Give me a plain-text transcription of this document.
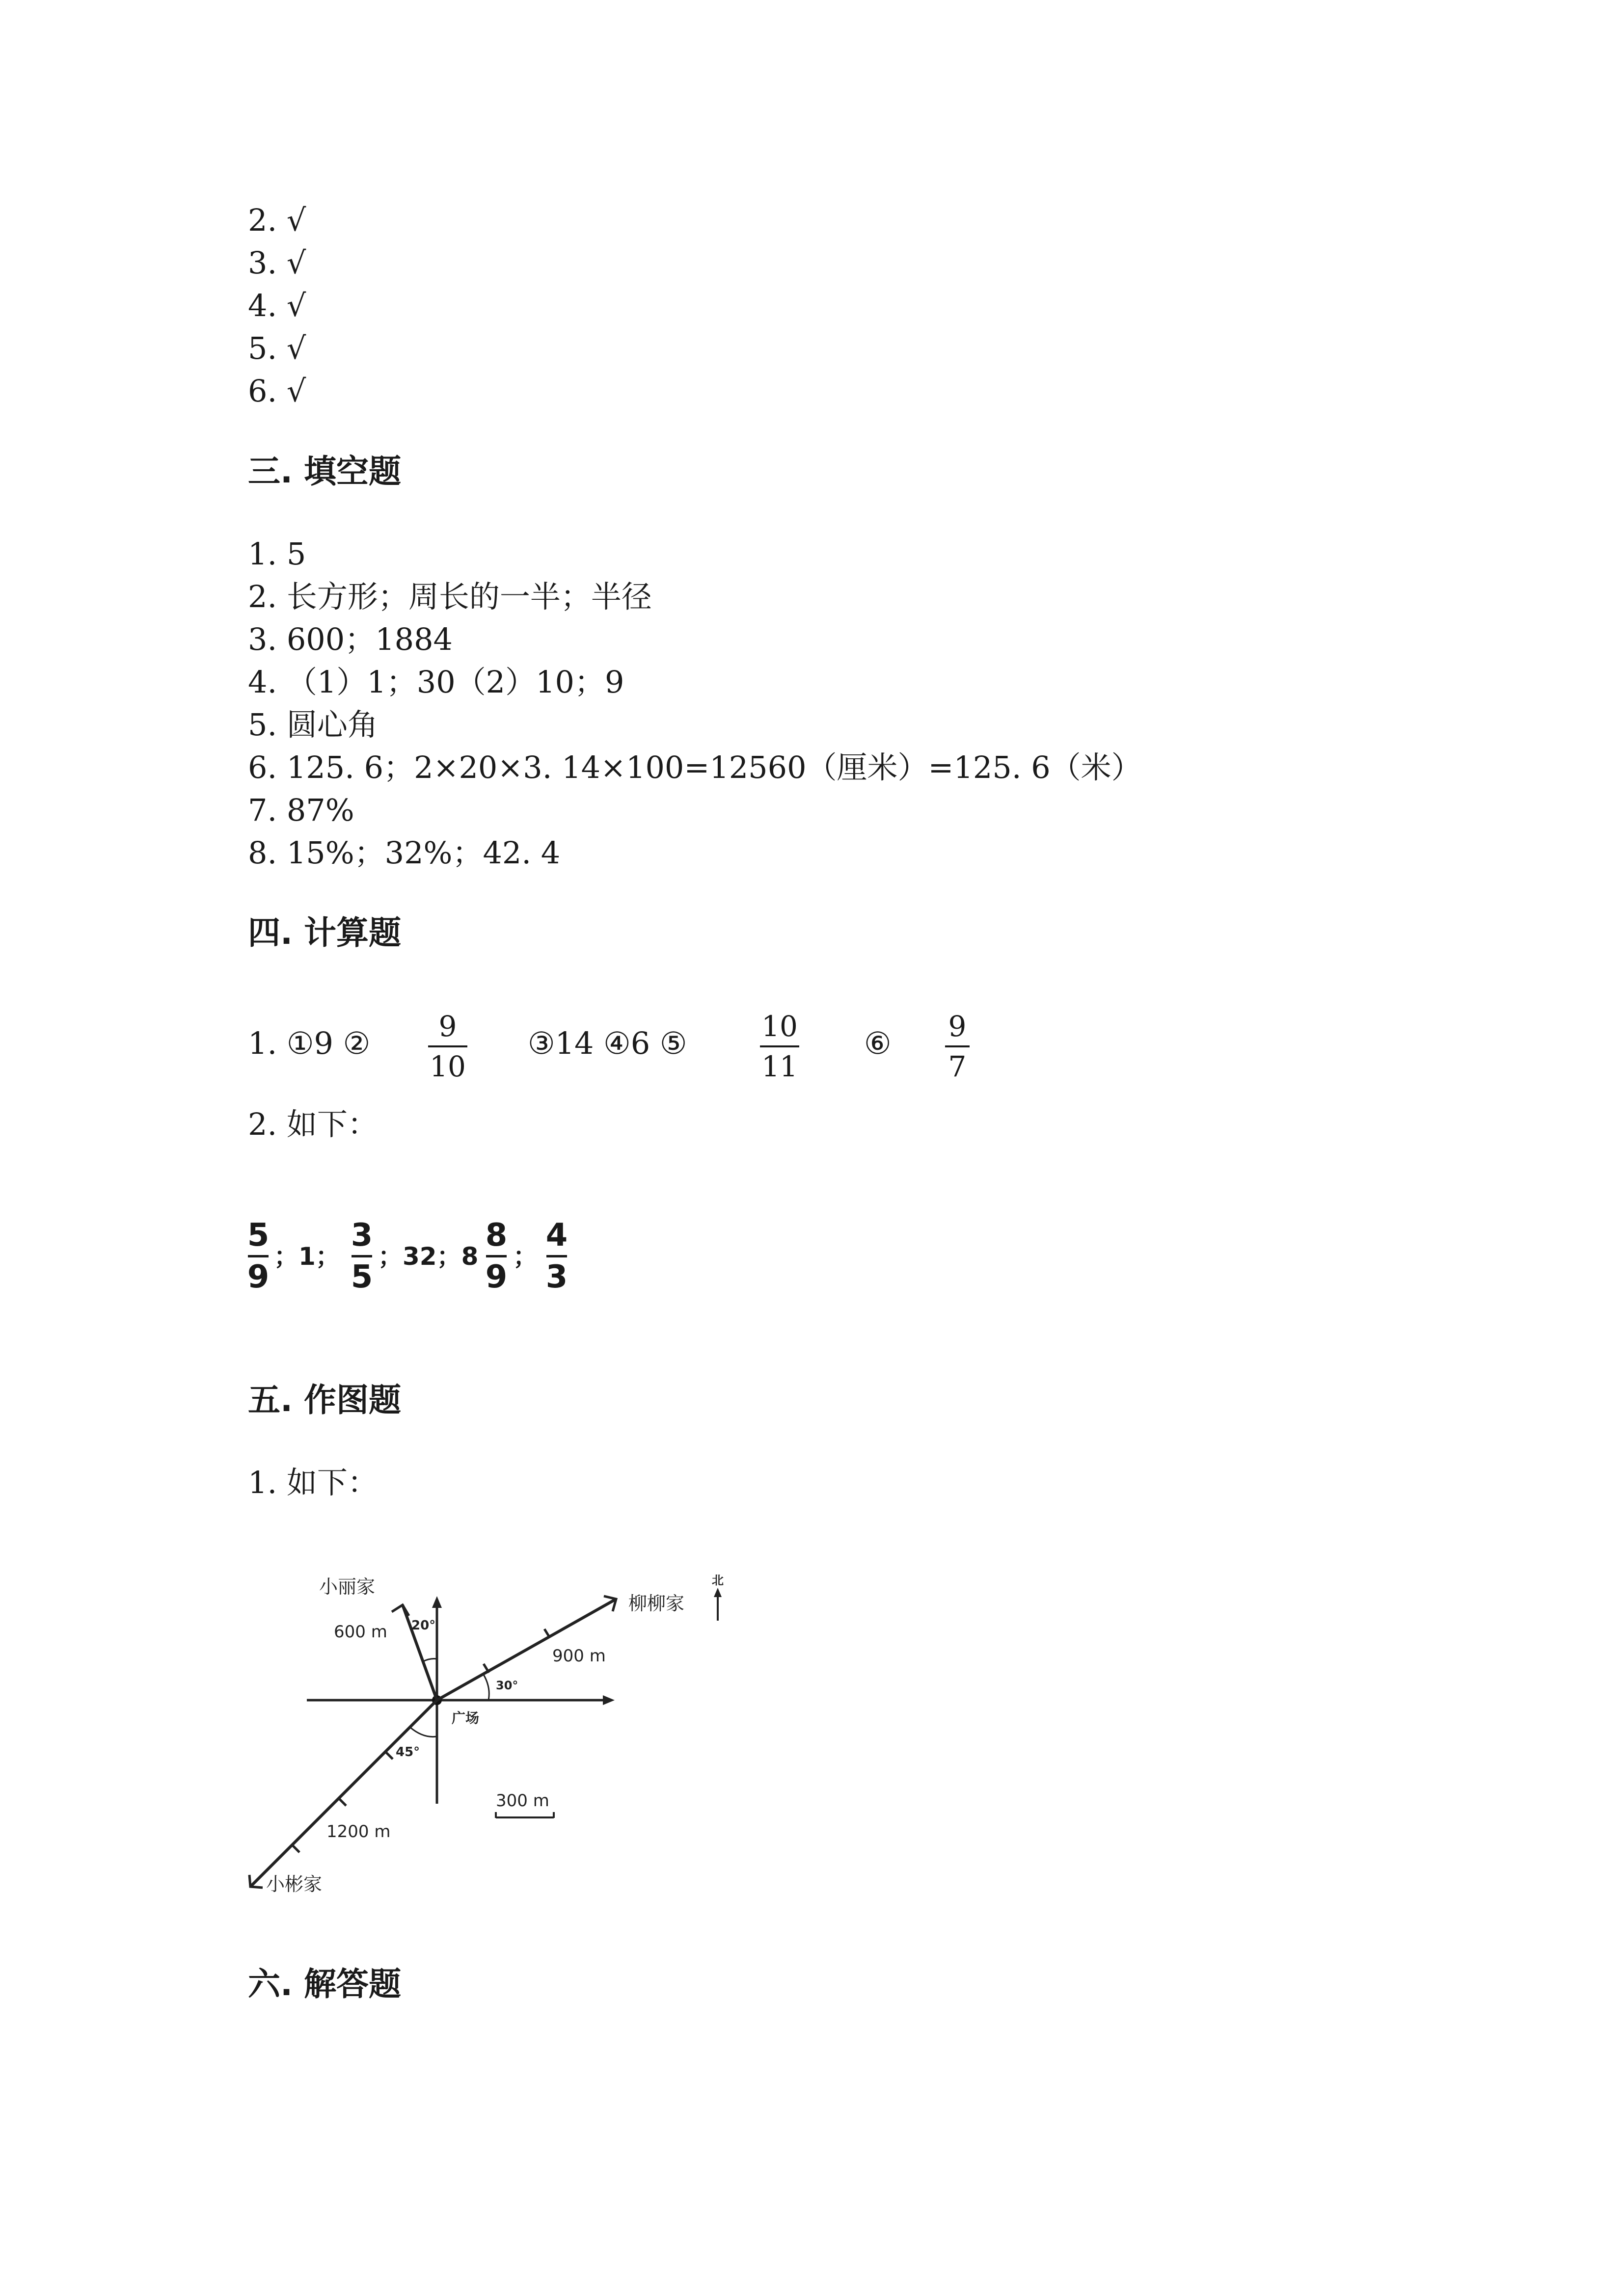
2. √
3. √
4. √
5. √
6. √
三. 填空题
1. 5
2. 长方形；周长的一半；半径
3. 600；1884
4. （1）1；30（2）10；9
5. 圆心角
6. 125. 6；2×20×3. 14×100=12560（厘米）=125. 6（米）
7. 87%
8. 15%；32%；42. 4
四. 计算题
1. ①9 ② 9
10
③14 ④6 ⑤	10
11
⑥ 9
7
2. 如下：
5
9
；1；
3
5
；32；8
8
9
；
4
3
五. 作图题
1. 如下：
广场
小丽家
600 m 20°
柳柳家
900 m
30°
北
小彬家
1200 m
45°
300 m
六. 解答题
